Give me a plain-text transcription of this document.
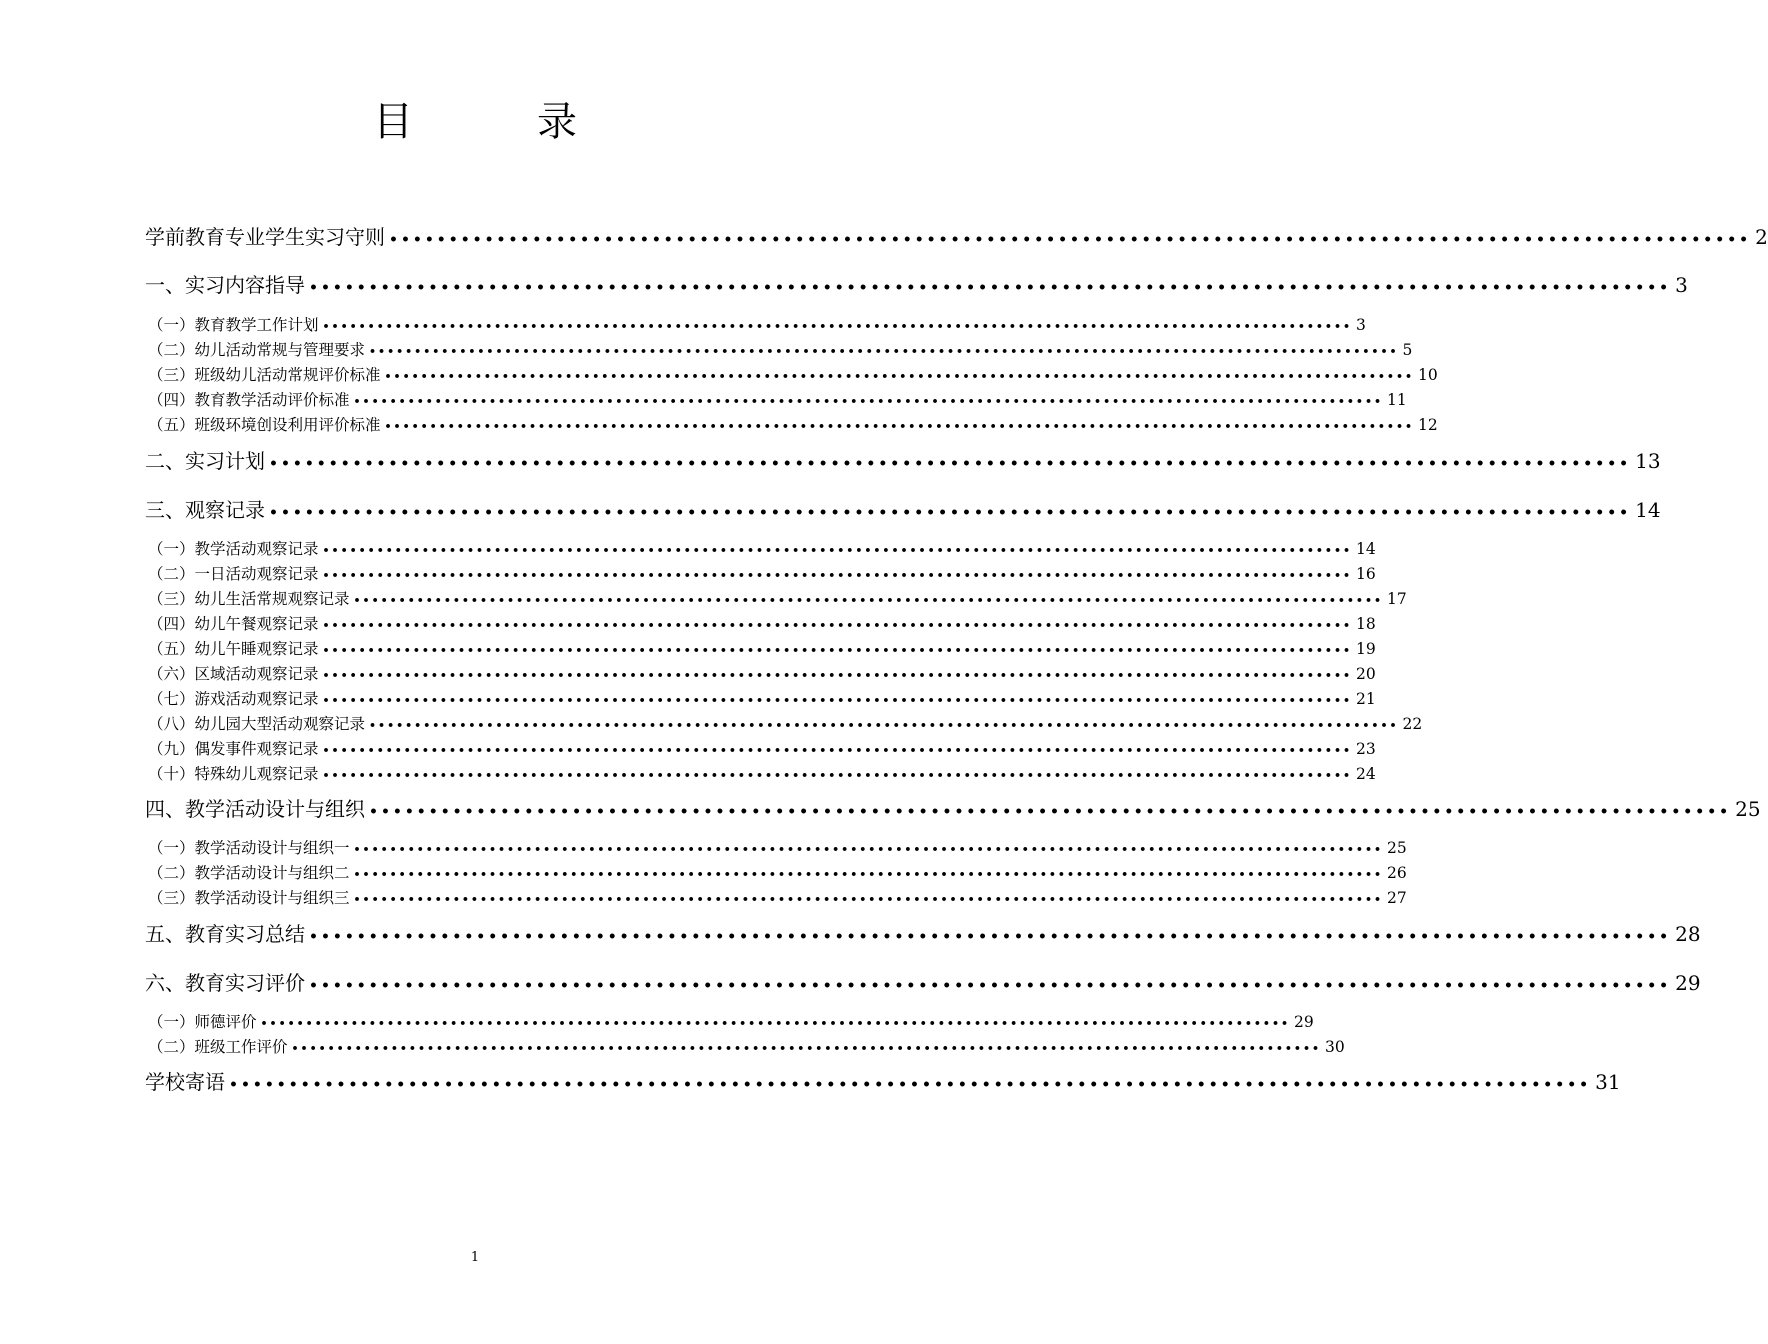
目　录
学前教育专业学生实习守则 •••••••••••••••••••••••••••••••••••••••••••••••••••••••••••••••••••••••••••••••••••••••••••••••••••••••••••••••••• 2
一、实习内容指导 •••••••••••••••••••••••••••••••••••••••••••••••••••••••••••••••••••••••••••••••••••••••••••••••••••••••••••••••••• 3
（一）教育教学工作计划 •••••••••••••••••••••••••••••••••••••••••••••••••••••••••••••••••••••••••••••••••••••••••••••••••••••••••••••••••• 3
（二）幼儿活动常规与管理要求 •••••••••••••••••••••••••••••••••••••••••••••••••••••••••••••••••••••••••••••••••••••••••••••••••••••••••••••••••• 5
（三）班级幼儿活动常规评价标准 •••••••••••••••••••••••••••••••••••••••••••••••••••••••••••••••••••••••••••••••••••••••••••••••••••••••••••••••••• 10
（四）教育教学活动评价标准 •••••••••••••••••••••••••••••••••••••••••••••••••••••••••••••••••••••••••••••••••••••••••••••••••••••••••••••••••• 11
（五）班级环境创设利用评价标准 •••••••••••••••••••••••••••••••••••••••••••••••••••••••••••••••••••••••••••••••••••••••••••••••••••••••••••••••••• 12
二、实习计划 •••••••••••••••••••••••••••••••••••••••••••••••••••••••••••••••••••••••••••••••••••••••••••••••••••••••••••••••••• 13
三、观察记录 •••••••••••••••••••••••••••••••••••••••••••••••••••••••••••••••••••••••••••••••••••••••••••••••••••••••••••••••••• 14
（一）教学活动观察记录 •••••••••••••••••••••••••••••••••••••••••••••••••••••••••••••••••••••••••••••••••••••••••••••••••••••••••••••••••• 14
（二）一日活动观察记录 •••••••••••••••••••••••••••••••••••••••••••••••••••••••••••••••••••••••••••••••••••••••••••••••••••••••••••••••••• 16
（三）幼儿生活常规观察记录 •••••••••••••••••••••••••••••••••••••••••••••••••••••••••••••••••••••••••••••••••••••••••••••••••••••••••••••••••• 17
（四）幼儿午餐观察记录 •••••••••••••••••••••••••••••••••••••••••••••••••••••••••••••••••••••••••••••••••••••••••••••••••••••••••••••••••• 18
（五）幼儿午睡观察记录 •••••••••••••••••••••••••••••••••••••••••••••••••••••••••••••••••••••••••••••••••••••••••••••••••••••••••••••••••• 19
（六）区域活动观察记录 •••••••••••••••••••••••••••••••••••••••••••••••••••••••••••••••••••••••••••••••••••••••••••••••••••••••••••••••••• 20
（七）游戏活动观察记录 •••••••••••••••••••••••••••••••••••••••••••••••••••••••••••••••••••••••••••••••••••••••••••••••••••••••••••••••••• 21
（八）幼儿园大型活动观察记录 •••••••••••••••••••••••••••••••••••••••••••••••••••••••••••••••••••••••••••••••••••••••••••••••••••••••••••••••••• 22
（九）偶发事件观察记录 •••••••••••••••••••••••••••••••••••••••••••••••••••••••••••••••••••••••••••••••••••••••••••••••••••••••••••••••••• 23
（十）特殊幼儿观察记录 •••••••••••••••••••••••••••••••••••••••••••••••••••••••••••••••••••••••••••••••••••••••••••••••••••••••••••••••••• 24
四、教学活动设计与组织 •••••••••••••••••••••••••••••••••••••••••••••••••••••••••••••••••••••••••••••••••••••••••••••••••••••••••••••••••• 25
（一）教学活动设计与组织一 •••••••••••••••••••••••••••••••••••••••••••••••••••••••••••••••••••••••••••••••••••••••••••••••••••••••••••••••••• 25
（二）教学活动设计与组织二 •••••••••••••••••••••••••••••••••••••••••••••••••••••••••••••••••••••••••••••••••••••••••••••••••••••••••••••••••• 26
（三）教学活动设计与组织三 •••••••••••••••••••••••••••••••••••••••••••••••••••••••••••••••••••••••••••••••••••••••••••••••••••••••••••••••••• 27
五、教育实习总结 •••••••••••••••••••••••••••••••••••••••••••••••••••••••••••••••••••••••••••••••••••••••••••••••••••••••••••••••••• 28
六、教育实习评价 •••••••••••••••••••••••••••••••••••••••••••••••••••••••••••••••••••••••••••••••••••••••••••••••••••••••••••••••••• 29
（一）师德评价 •••••••••••••••••••••••••••••••••••••••••••••••••••••••••••••••••••••••••••••••••••••••••••••••••••••••••••••••••• 29
（二）班级工作评价 •••••••••••••••••••••••••••••••••••••••••••••••••••••••••••••••••••••••••••••••••••••••••••••••••••••••••••••••••• 30
学校寄语 •••••••••••••••••••••••••••••••••••••••••••••••••••••••••••••••••••••••••••••••••••••••••••••••••••••••••••••••••• 31
1
